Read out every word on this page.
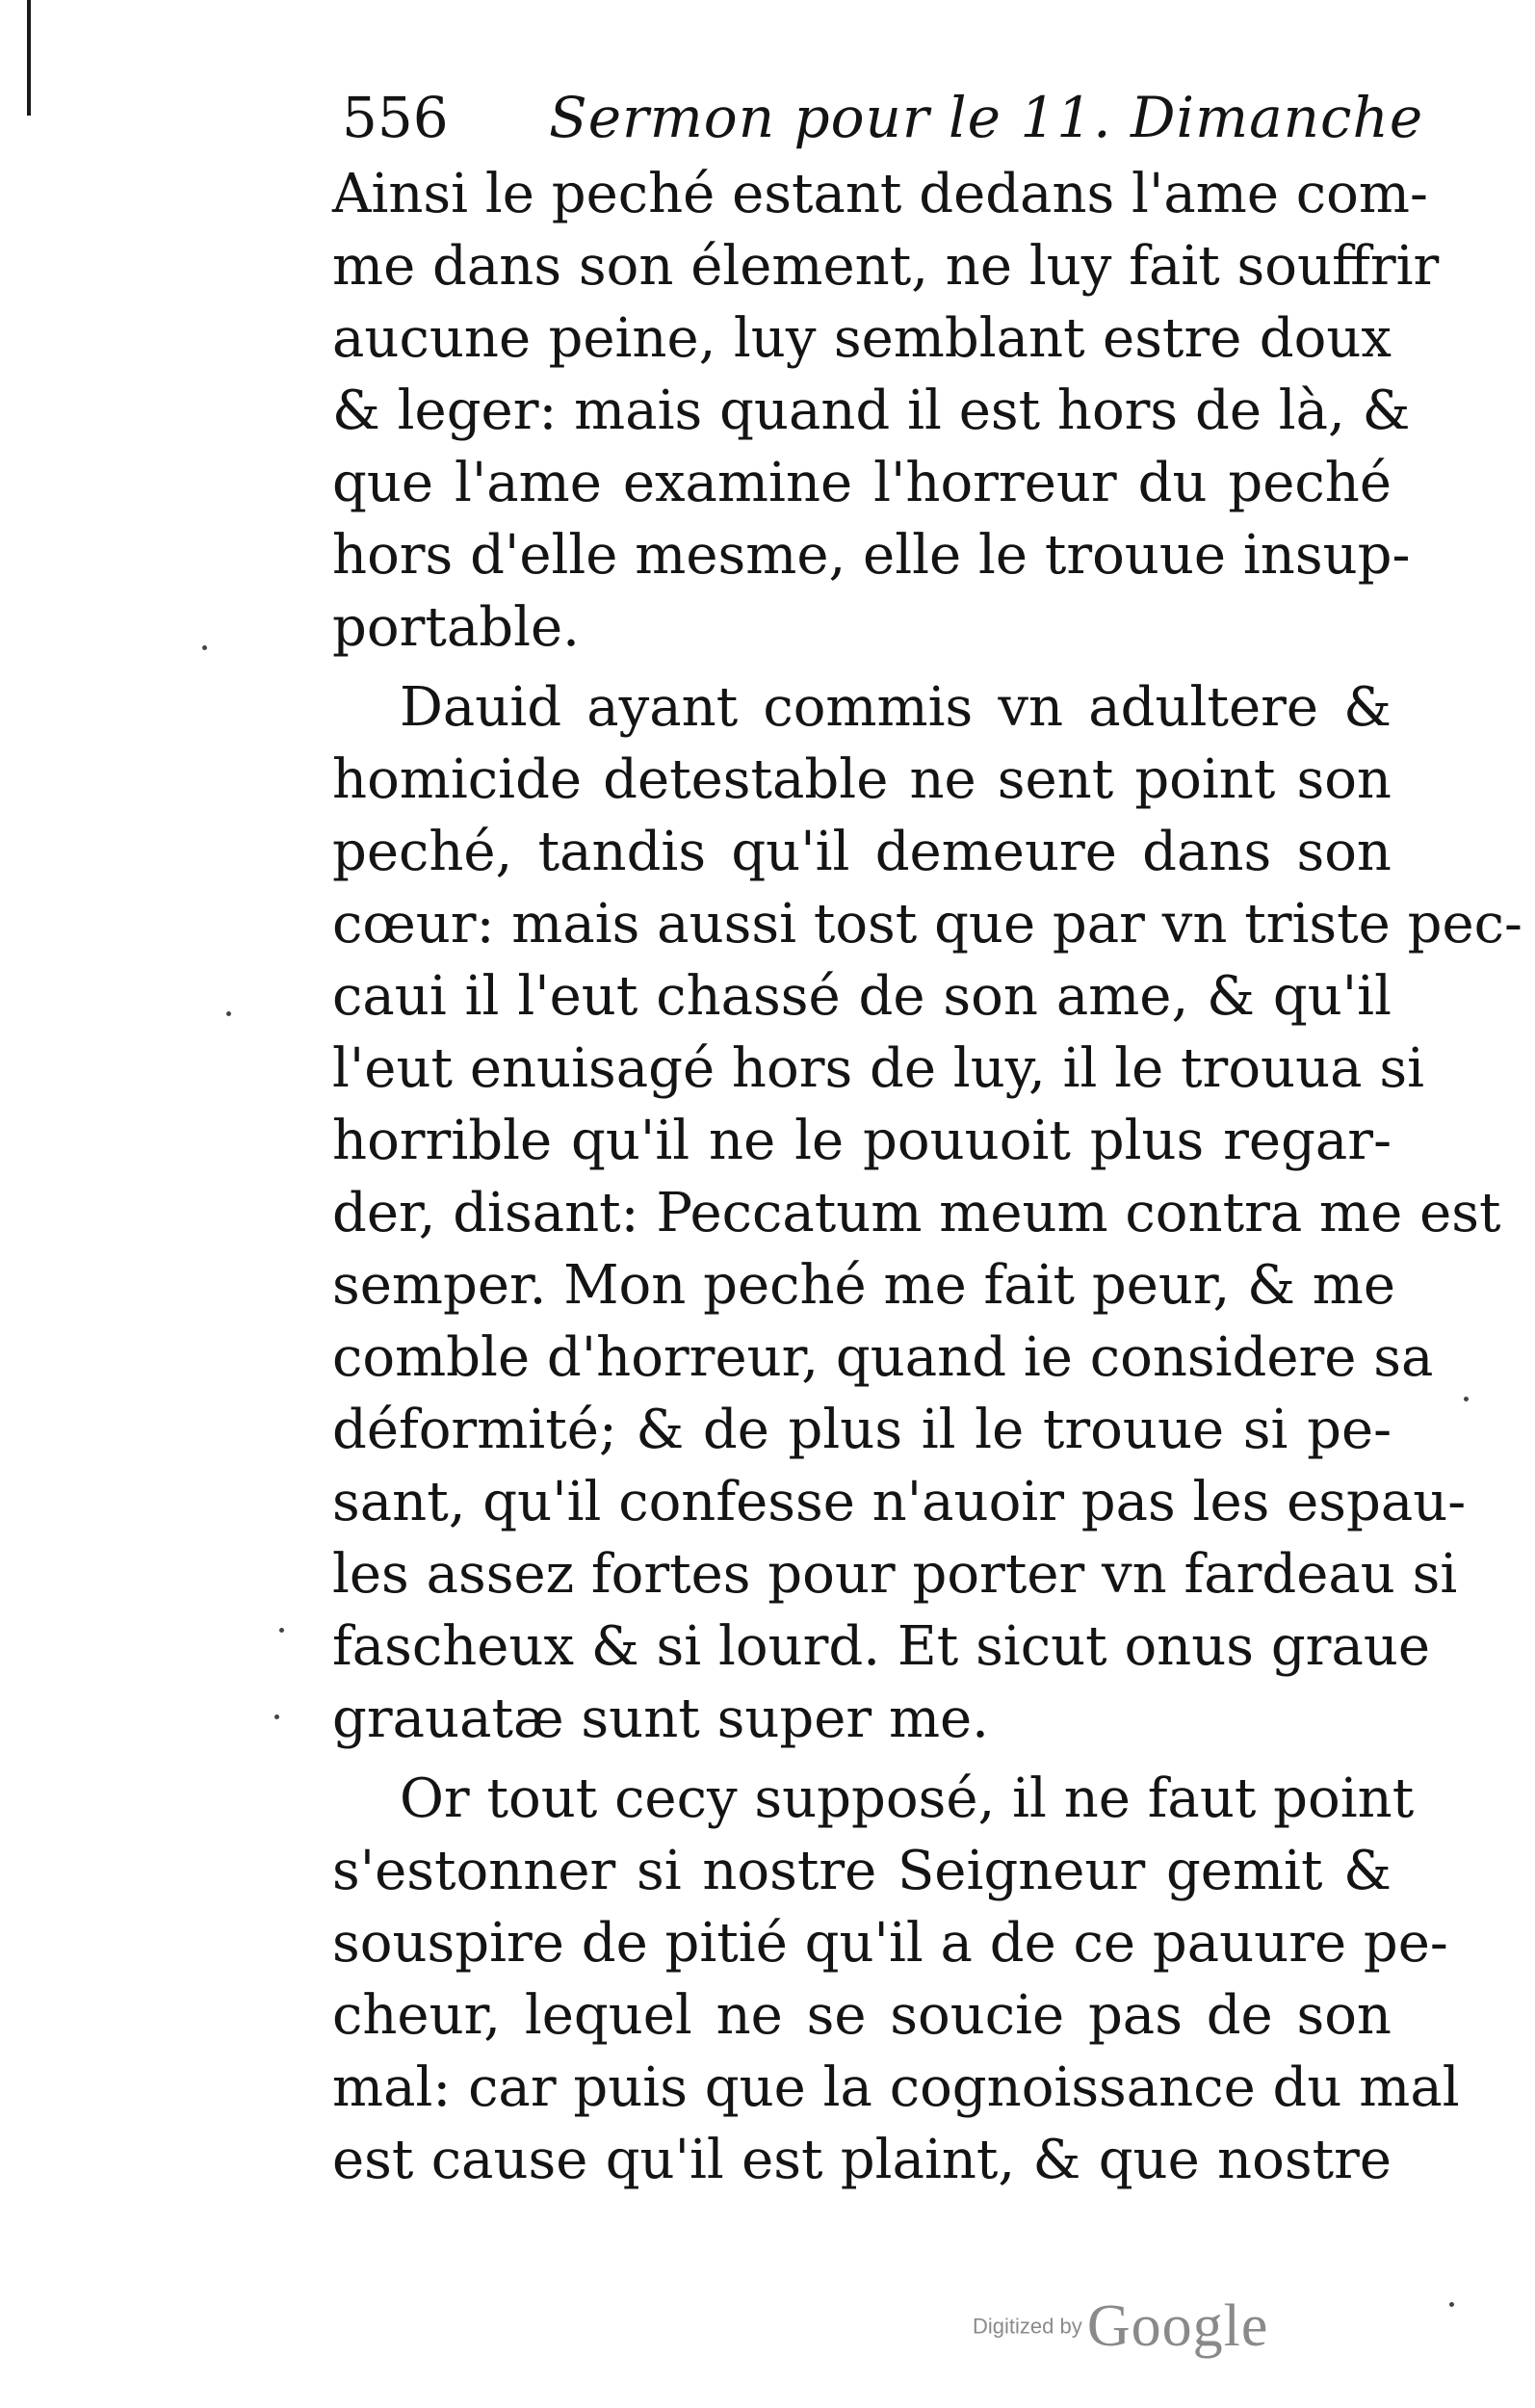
556 Sermon pour le 11. Dimanche
Ainsi le peché estant dedans l'ame com-
me dans son élement, ne luy fait souffrir
aucune peine, luy semblant estre doux
& leger: mais quand il est hors de là, &
que l'ame examine l'horreur du peché
hors d'elle mesme, elle le trouue insup-
portable.
Dauid ayant commis vn adultere &
homicide detestable ne sent point son
peché, tandis qu'il demeure dans son
cœur: mais aussi tost que par vn triste pec-
caui il l'eut chassé de son ame, & qu'il
l'eut enuisagé hors de luy, il le trouua si
horrible qu'il ne le pouuoit plus regar-
der, disant: Peccatum meum contra me est
semper. Mon peché me fait peur, & me
comble d'horreur, quand ie considere sa
déformité; & de plus il le trouue si pe-
sant, qu'il confesse n'auoir pas les espau-
les assez fortes pour porter vn fardeau si
fascheux & si lourd. Et sicut onus graue
grauatæ sunt super me.
Or tout cecy supposé, il ne faut point
s'estonner si nostre Seigneur gemit &
souspire de pitié qu'il a de ce pauure pe-
cheur, lequel ne se soucie pas de son
mal: car puis que la cognoissance du mal
est cause qu'il est plaint, & que nostre
Digitized by Google
